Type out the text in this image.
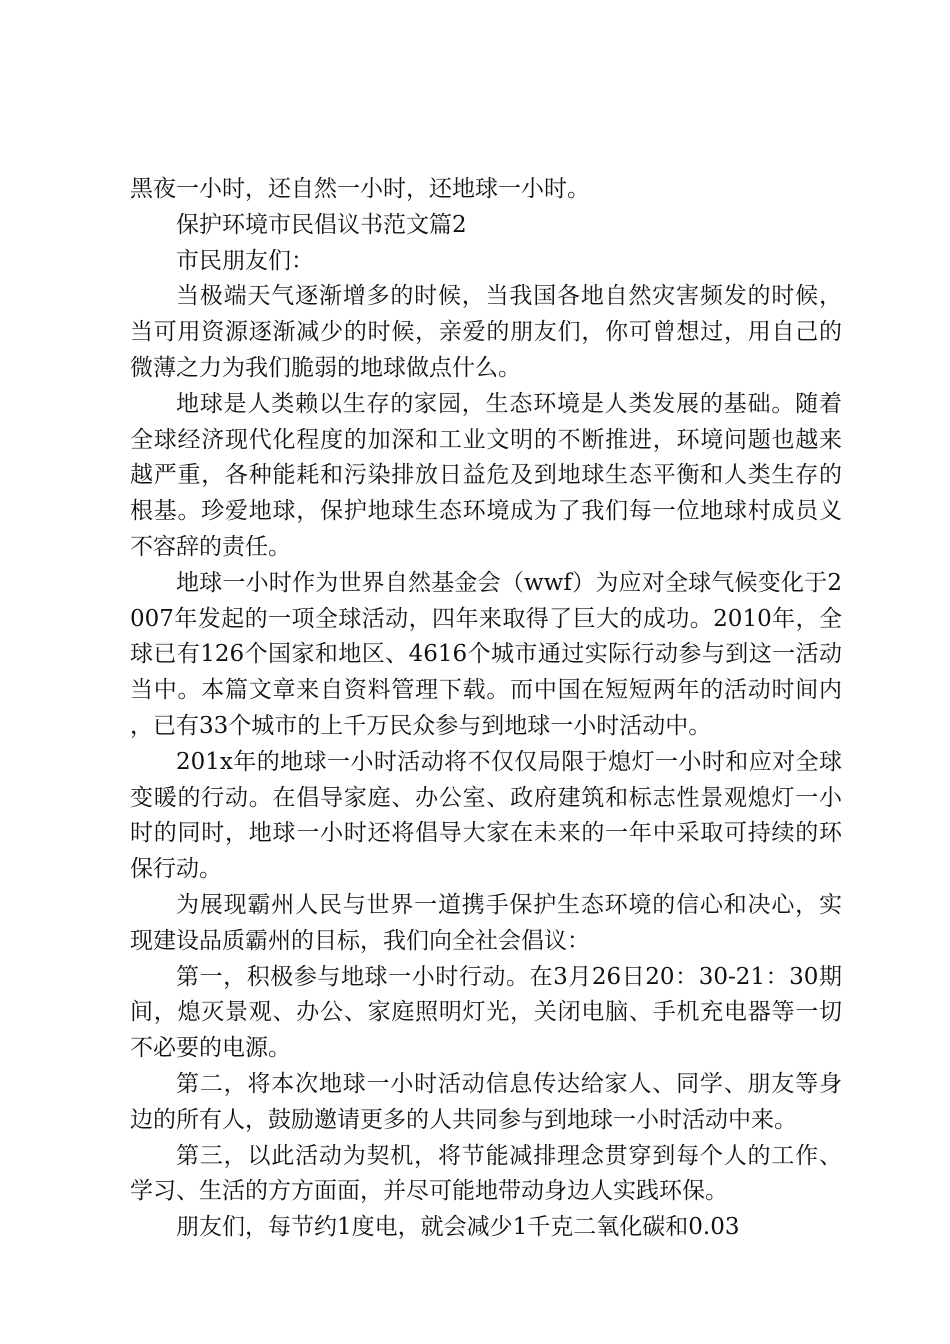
黑夜一小时，还自然一小时，还地球一小时。

保护环境市民倡议书范文篇2

市民朋友们：

当极端天气逐渐增多的时候，当我国各地自然灾害频发的时候，当可用资源逐渐减少的时候，亲爱的朋友们，你可曾想过，用自己的微薄之力为我们脆弱的地球做点什么。

地球是人类赖以生存的家园，生态环境是人类发展的基础。随着全球经济现代化程度的加深和工业文明的不断推进，环境问题也越来越严重，各种能耗和污染排放日益危及到地球生态平衡和人类生存的根基。珍爱地球，保护地球生态环境成为了我们每一位地球村成员义不容辞的责任。

地球一小时作为世界自然基金会（wwf）为应对全球气候变化于2007年发起的一项全球活动，四年来取得了巨大的成功。2010年，全球已有126个国家和地区、4616个城市通过实际行动参与到这一活动当中。本篇文章来自资料管理下载。而中国在短短两年的活动时间内，已有33个城市的上千万民众参与到地球一小时活动中。

201x年的地球一小时活动将不仅仅局限于熄灯一小时和应对全球变暖的行动。在倡导家庭、办公室、政府建筑和标志性景观熄灯一小时的同时，地球一小时还将倡导大家在未来的一年中采取可持续的环保行动。

为展现霸州人民与世界一道携手保护生态环境的信心和决心，实现建设品质霸州的目标，我们向全社会倡议：

第一，积极参与地球一小时行动。在3月26日20：30-21：30期间，熄灭景观、办公、家庭照明灯光，关闭电脑、手机充电器等一切不必要的电源。

第二，将本次地球一小时活动信息传达给家人、同学、朋友等身边的所有人，鼓励邀请更多的人共同参与到地球一小时活动中来。

第三，以此活动为契机，将节能减排理念贯穿到每个人的工作、学习、生活的方方面面，并尽可能地带动身边人实践环保。

朋友们，每节约1度电，就会减少1千克二氧化碳和0.03
